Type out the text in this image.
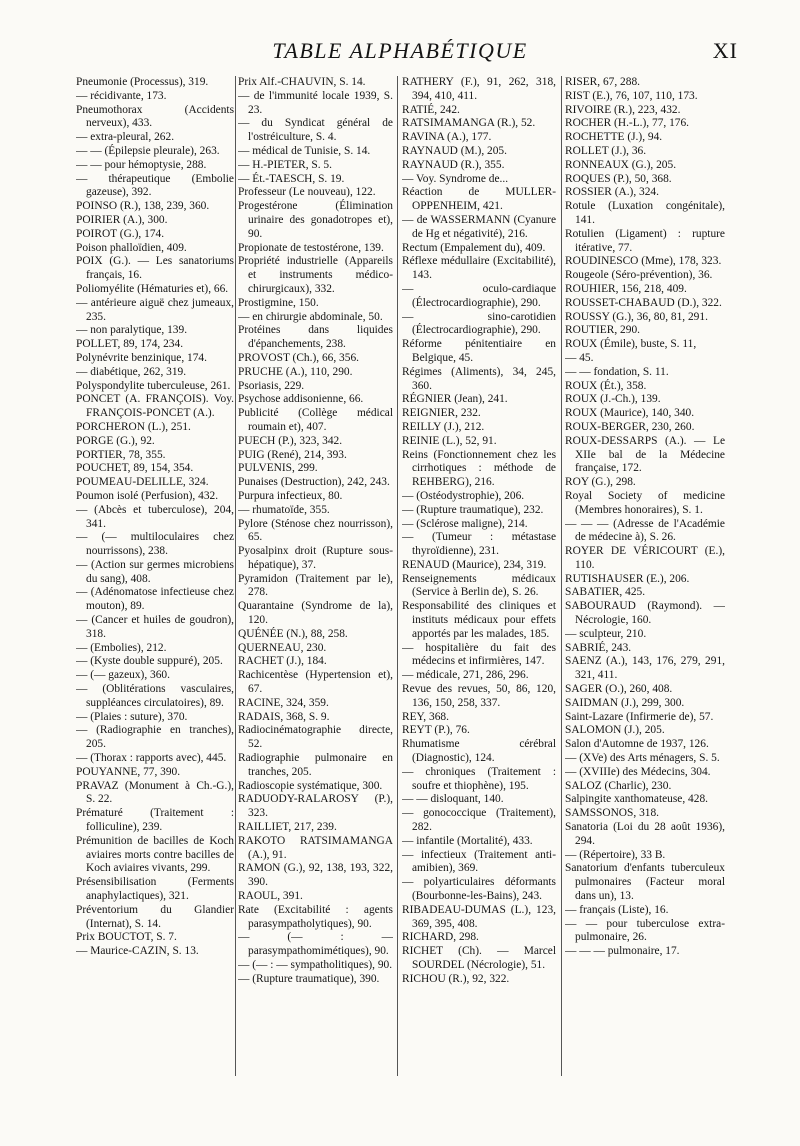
TABLE ALPHABÉTIQUE	XI

Pneumonie (Processus), 319.

— récidivante, 173.

Pneumothorax (Accidents nerveux), 433.

— extra-pleural, 262.

— — (Épilepsie pleurale), 263.

— — pour hémoptysie, 288.

— thérapeutique (Embolie gazeuse), 392.

POINSO (R.), 138, 239, 360.

POIRIER (A.), 300.

POIROT (G.), 174.

Poison phalloïdien, 409.

POIX (G.). — Les sanatoriums français, 16.

Poliomyélite (Hématuries et), 66.

— antérieure aiguë chez jumeaux, 235.

— non paralytique, 139.

POLLET, 89, 174, 234.

Polynévrite benzinique, 174.

— diabétique, 262, 319.

Polyspondylite tuberculeuse, 261.

PONCET (A. FRANÇOIS). Voy. FRANÇOIS-PONCET (A.).

PORCHERON (L.), 251.

PORGE (G.), 92.

PORTIER, 78, 355.

POUCHET, 89, 154, 354.

POUMEAU-DELILLE, 324.

Poumon isolé (Perfusion), 432.

— (Abcès et tuberculose), 204, 341.

— (— multiloculaires chez nourrissons), 238.

— (Action sur germes microbiens du sang), 408.

— (Adénomatose infectieuse chez mouton), 89.

— (Cancer et huiles de goudron), 318.

— (Embolies), 212.

— (Kyste double suppuré), 205.

— (— gazeux), 360.

— (Oblitérations vasculaires, suppléances circulatoires), 89.

— (Plaies : suture), 370.

— (Radiographie en tranches), 205.

— (Thorax : rapports avec), 445.

POUYANNE, 77, 390.

PRAVAZ (Monument à Ch.-G.), S. 22.

Prématuré (Traitement : folliculine), 239.

Prémunition de bacilles de Koch aviaires morts contre bacilles de Koch aviaires vivants, 299.

Présensibilisation (Ferments anaphylactiques), 321.

Préventorium du Glandier (Internat), S. 14.

Prix BOUCTOT, S. 7.

— Maurice-CAZIN, S. 13.

Prix Alf.-CHAUVIN, S. 14.

— de l'immunité locale 1939, S. 23.

— du Syndicat général de l'ostréiculture, S. 4.

— médical de Tunisie, S. 14.

— H.-PIETER, S. 5.

— Ét.-TAESCH, S. 19.

Professeur (Le nouveau), 122.

Progestérone (Élimination urinaire des gonadotropes et), 90.

Propionate de testostérone, 139.

Propriété industrielle (Appareils et instruments médico-chirurgicaux), 332.

Prostigmine, 150.

— en chirurgie abdominale, 50.

Protéines dans liquides d'épanchements, 238.

PROVOST (Ch.), 66, 356.

PRUCHE (A.), 110, 290.

Psoriasis, 229.

Psychose addisonienne, 66.

Publicité (Collège médical roumain et), 407.

PUECH (P.), 323, 342.

PUIG (René), 214, 393.

PULVENIS, 299.

Punaises (Destruction), 242, 243.

Purpura infectieux, 80.

— rhumatoïde, 355.

Pylore (Sténose chez nourrisson), 65.

Pyosalpinx droit (Rupture sous-hépatique), 37.

Pyramidon (Traitement par le), 278.

Quarantaine (Syndrome de la), 120.

QUÉNÉE (N.), 88, 258.

QUERNEAU, 230.

RACHET (J.), 184.

Rachicentèse (Hypertension et), 67.

RACINE, 324, 359.

RADAIS, 368, S. 9.

Radiocinématographie directe, 52.

Radiographie pulmonaire en tranches, 205.

Radioscopie systématique, 300.

RADUODY-RALAROSY (P.), 323.

RAILLIET, 217, 239.

RAKOTO RATSIMAMANGA (A.), 91.

RAMON (G.), 92, 138, 193, 322, 390.

RAOUL, 391.

Rate (Excitabilité : agents parasympatholytiques), 90.

— (— : — parasympathomimétiques), 90.

— (— : — sympatholitiques), 90.

— (Rupture traumatique), 390.

RATHERY (F.), 91, 262, 318, 394, 410, 411.

RATIÉ, 242.

RATSIMAMANGA (R.), 52.

RAVINA (A.), 177.

RAYNAUD (M.), 205.

RAYNAUD (R.), 355.

— Voy. Syndrome de...

Réaction de MULLER-OPPENHEIM, 421.

— de WASSERMANN (Cyanure de Hg et négativité), 216.

Rectum (Empalement du), 409.

Réflexe médullaire (Excitabilité), 143.

— oculo-cardiaque (Électrocardiographie), 290.

— sino-carotidien (Électrocardiographie), 290.

Réforme pénitentiaire en Belgique, 45.

Régimes (Aliments), 34, 245, 360.

RÉGNIER (Jean), 241.

REIGNIER, 232.

REILLY (J.), 212.

REINIE (L.), 52, 91.

Reins (Fonctionnement chez les cirrhotiques : méthode de REHBERG), 216.

— (Ostéodystrophie), 206.

— (Rupture traumatique), 232.

— (Sclérose maligne), 214.

— (Tumeur : métastase thyroïdienne), 231.

RENAUD (Maurice), 234, 319.

Renseignements médicaux (Service à Berlin de), S. 26.

Responsabilité des cliniques et instituts médicaux pour effets apportés par les malades, 185.

— hospitalière du fait des médecins et infirmières, 147.

— médicale, 271, 286, 296.

Revue des revues, 50, 86, 120, 136, 150, 258, 337.

REY, 368.

REYT (P.), 76.

Rhumatisme cérébral (Diagnostic), 124.

— chroniques (Traitement : soufre et thiophène), 195.

— — disloquant, 140.

— gonococcique (Traitement), 282.

— infantile (Mortalité), 433.

— infectieux (Traitement anti-amibien), 369.

— polyarticulaires déformants (Bourbonne-les-Bains), 243.

RIBADEAU-DUMAS (L.), 123, 369, 395, 408.

RICHARD, 298.

RICHET (Ch). — Marcel SOURDEL (Nécrologie), 51.

RICHOU (R.), 92, 322.

RISER, 67, 288.

RIST (E.), 76, 107, 110, 173.

RIVOIRE (R.), 223, 432.

ROCHER (H.-L.), 77, 176.

ROCHETTE (J.), 94.

ROLLET (J.), 36.

RONNEAUX (G.), 205.

ROQUES (P.), 50, 368.

ROSSIER (A.), 324.

Rotule (Luxation congénitale), 141.

Rotulien (Ligament) : rupture itérative, 77.

ROUDINESCO (Mme), 178, 323.

Rougeole (Séro-prévention), 36.

ROUHIER, 156, 218, 409.

ROUSSET-CHABAUD (D.), 322.

ROUSSY (G.), 36, 80, 81, 291.

ROUTIER, 290.

ROUX (Émile), buste, S. 11,

— 45.

— — fondation, S. 11.

ROUX (Ét.), 358.

ROUX (J.-Ch.), 139.

ROUX (Maurice), 140, 340.

ROUX-BERGER, 230, 260.

ROUX-DESSARPS (A.). — Le XIIe bal de la Médecine française, 172.

ROY (G.), 298.

Royal Society of medicine (Membres honoraires), S. 1.

— — — (Adresse de l'Académie de médecine à), S. 26.

ROYER DE VÉRICOURT (E.), 110.

RUTISHAUSER (E.), 206.

SABATIER, 425.

SABOURAUD (Raymond). — Nécrologie, 160.

— sculpteur, 210.

SABRIÉ, 243.

SAENZ (A.), 143, 176, 279, 291, 321, 411.

SAGER (O.), 260, 408.

SAIDMAN (J.), 299, 300.

Saint-Lazare (Infirmerie de), 57.

SALOMON (J.), 205.

Salon d'Automne de 1937, 126.

— (XVe) des Arts ménagers, S. 5.

— (XVIIIe) des Médecins, 304.

SALOZ (Charlic), 230.

Salpingite xanthomateuse, 428.

SAMSSONOS, 318.

Sanatoria (Loi du 28 août 1936), 294.

— (Répertoire), 33 B.

Sanatorium d'enfants tuberculeux pulmonaires (Facteur moral dans un), 13.

— français (Liste), 16.

— — pour tuberculose extra-pulmonaire, 26.

— — — pulmonaire, 17.
